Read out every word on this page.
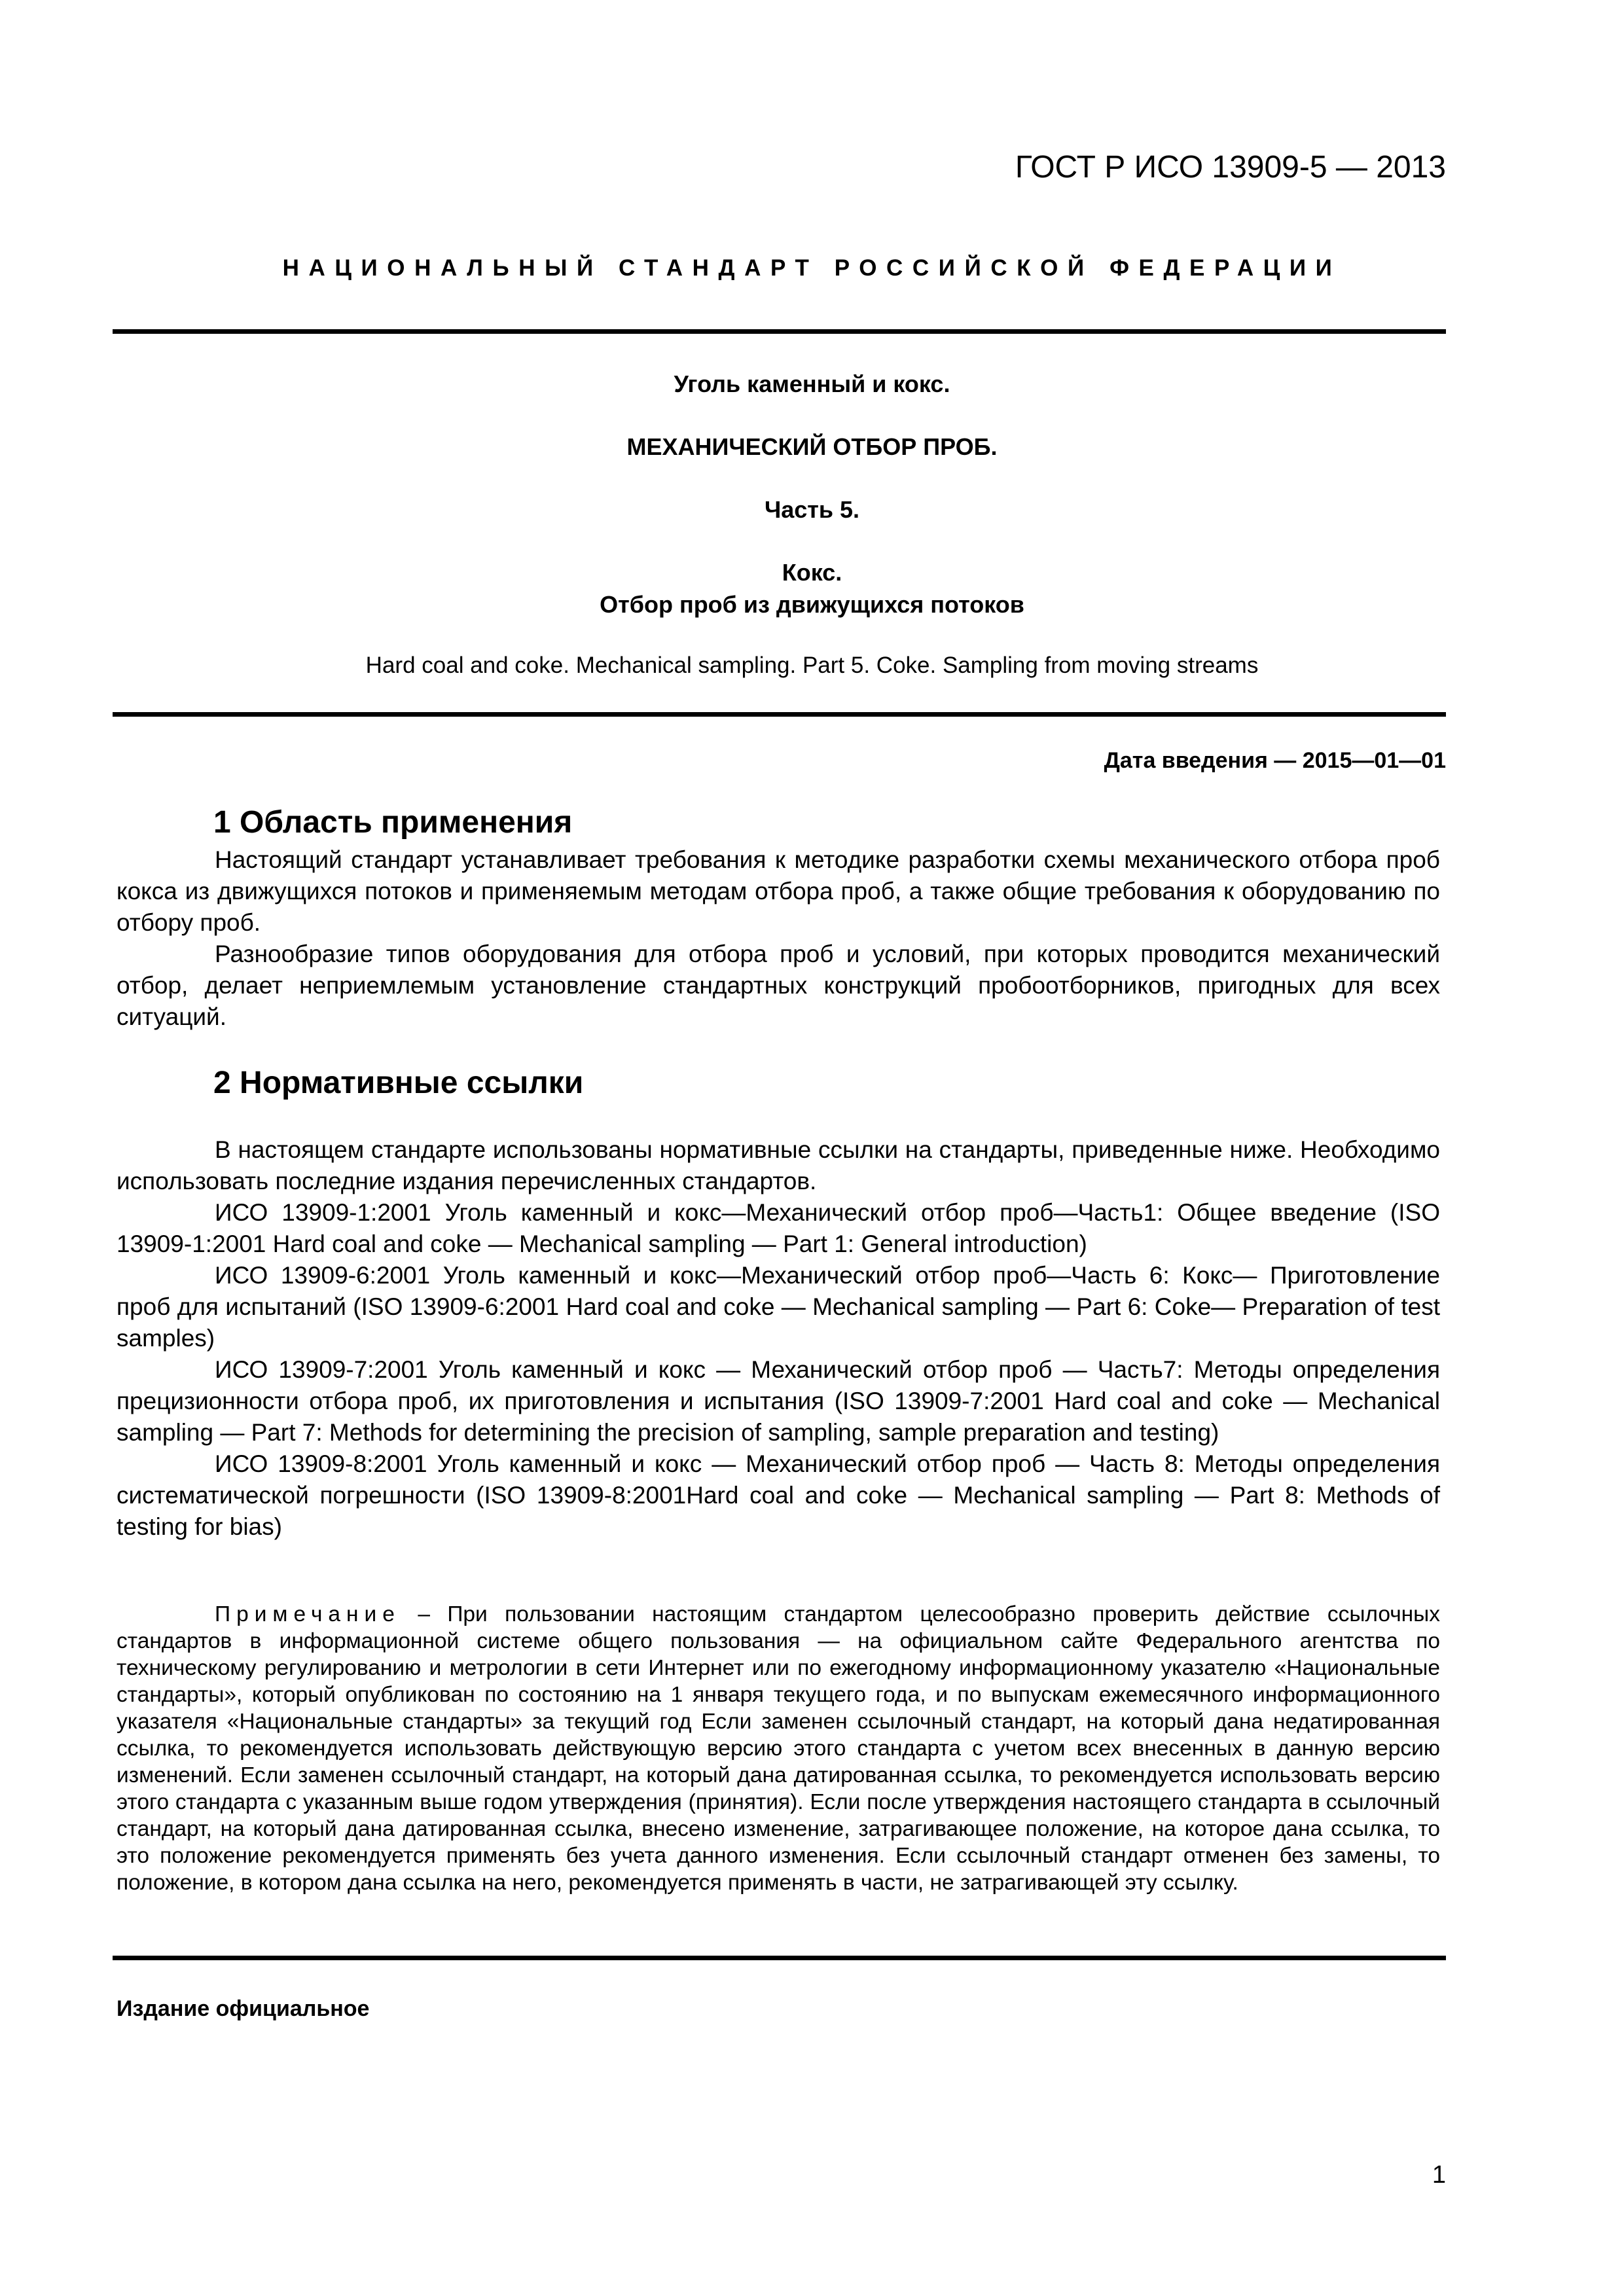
ГОСТ Р ИСО 13909-5 — 2013
НАЦИОНАЛЬНЫЙ СТАНДАРТ РОССИЙСКОЙ ФЕДЕРАЦИИ
Уголь каменный и кокс.
МЕХАНИЧЕСКИЙ ОТБОР ПРОБ.
Часть 5.
Кокс.
Отбор проб из движущихся потоков
Hard coal and coke. Mechanical sampling. Part 5. Coke. Sampling from moving streams
Дата введения — 2015—01—01
1 Область применения

Настоящий стандарт устанавливает требования к методике разработки схемы механического отбора проб кокса из движущихся потоков и применяемым методам отбора проб, а также общие требования к оборудованию по отбору проб.

Разнообразие типов оборудования для отбора проб и условий, при которых проводится механический отбор, делает неприемлемым установление стандартных конструкций пробоотборников, пригодных для всех ситуаций.

2 Нормативные ссылки

В настоящем стандарте использованы нормативные ссылки на стандарты, приведенные ниже. Необходимо использовать последние издания перечисленных стандартов.

ИСО 13909-1:2001 Уголь каменный и кокс—Механический отбор проб—Часть1: Общее введение (ISO 13909-1:2001 Hard coal and coke — Mechanical sampling — Part 1: General introduction)

ИСО 13909-6:2001 Уголь каменный и кокс—Механический отбор проб—Часть 6: Кокс— Приготовление проб для испытаний (ISO 13909-6:2001 Hard coal and coke — Mechanical sampling — Part 6: Coke— Preparation of test samples)

ИСО 13909-7:2001 Уголь каменный и кокс — Механический отбор проб — Часть7: Методы определения прецизионности отбора проб, их приготовления и испытания (ISO 13909-7:2001 Hard coal and coke — Mechanical sampling — Part 7: Methods for determining the precision of sampling, sample preparation and testing)

ИСО 13909-8:2001 Уголь каменный и кокс — Механический отбор проб — Часть 8: Методы определения систематической погрешности (ISO 13909-8:2001Hard coal and coke — Mechanical sampling — Part 8: Methods of testing for bias)

Примечание – При пользовании настоящим стандартом целесообразно проверить действие ссылочных стандартов в информационной системе общего пользования — на официальном сайте Федерального агентства по техническому регулированию и метрологии в сети Интернет или по ежегодному информационному указателю «Национальные стандарты», который опубликован по состоянию на 1 января текущего года, и по выпускам ежемесячного информационного указателя «Национальные стандарты» за текущий год Если заменен ссылочный стандарт, на который дана недатированная ссылка, то рекомендуется использовать действующую версию этого стандарта с учетом всех внесенных в данную версию изменений. Если заменен ссылочный стандарт, на который дана датированная ссылка, то рекомендуется использовать версию этого стандарта с указанным выше годом утверждения (принятия). Если после утверждения настоящего стандарта в ссылочный стандарт, на который дана датированная ссылка, внесено изменение, затрагивающее положение, на которое дана ссылка, то это положение рекомендуется применять без учета данного изменения. Если ссылочный стандарт отменен без замены, то положение, в котором дана ссылка на него, рекомендуется применять в части, не затрагивающей эту ссылку.

Издание официальное
1
